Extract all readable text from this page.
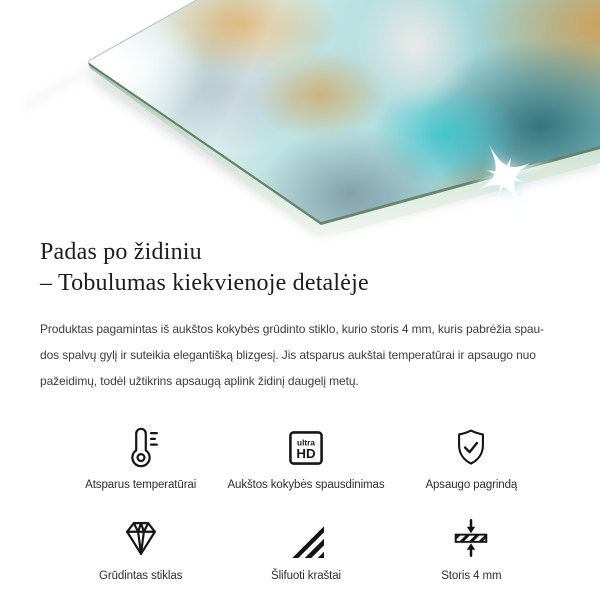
Padas po židiniu
– Tobulumas kiekvienoje detalėje
Produktas pagamintas iš aukštos kokybės grūdinto stiklo, kurio storis 4 mm, kuris pabrėžia spau-
dos spalvų gylį ir suteikia elegantišką blizgesį. Jis atsparus aukštai temperatūrai ir apsaugo nuo
pažeidimų, todėl užtikrins apsaugą aplink židinį daugelį metų.
Atsparus temperatūrai
ultra
HD
Aukštos kokybės spausdinimas	Apsaugo pagrindą
Grūdintas stiklas	Šlifuoti kraštai	Storis 4 mm
